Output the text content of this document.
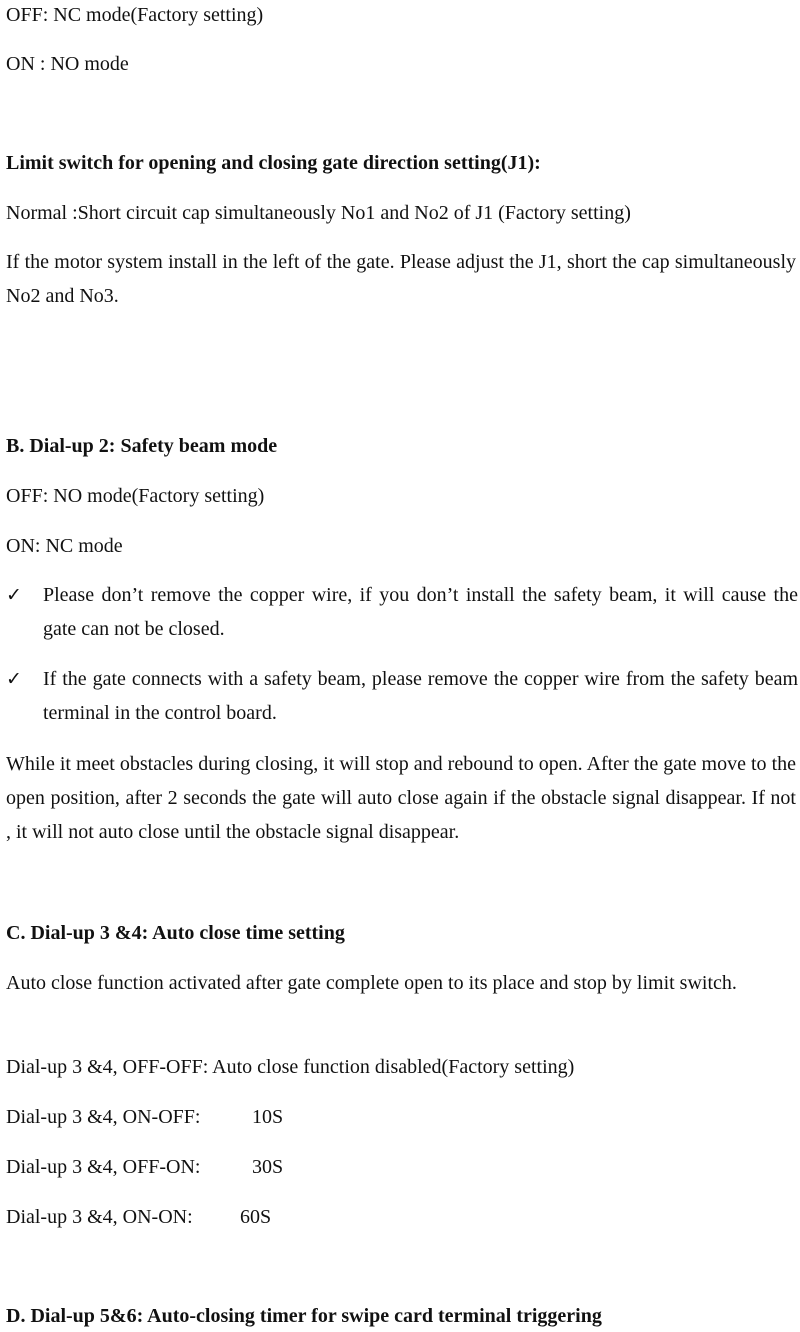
OFF: NC mode(Factory setting)
ON : NO mode
Limit switch for opening and closing gate direction setting(J1):
Normal :Short circuit cap simultaneously No1 and No2 of J1 (Factory setting)
If the motor system install in the left of the gate. Please adjust the J1, short the cap simultaneously No2 and No3.
B. Dial-up 2: Safety beam mode
OFF: NO mode(Factory setting)
ON: NC mode
✓	Please don’t remove the copper wire, if you don’t install the safety beam, it will cause the gate can not be closed.
✓	If the gate connects with a safety beam, please remove the copper wire from the safety beam terminal in the control board.
While it meet obstacles during closing, it will stop and rebound to open. After the gate move to the open position, after 2 seconds the gate will auto close again if the obstacle signal disappear. If not , it will not auto close until the obstacle signal disappear.
C. Dial-up 3 &4: Auto close time setting
Auto close function activated after gate complete open to its place and stop by limit switch.
Dial-up 3 &4, OFF-OFF: Auto close function disabled(Factory setting)
Dial-up 3 &4, ON-OFF:	10S
Dial-up 3 &4, OFF-ON:	30S
Dial-up 3 &4, ON-ON: 60S
D. Dial-up 5&6: Auto-closing timer for swipe card terminal triggering
